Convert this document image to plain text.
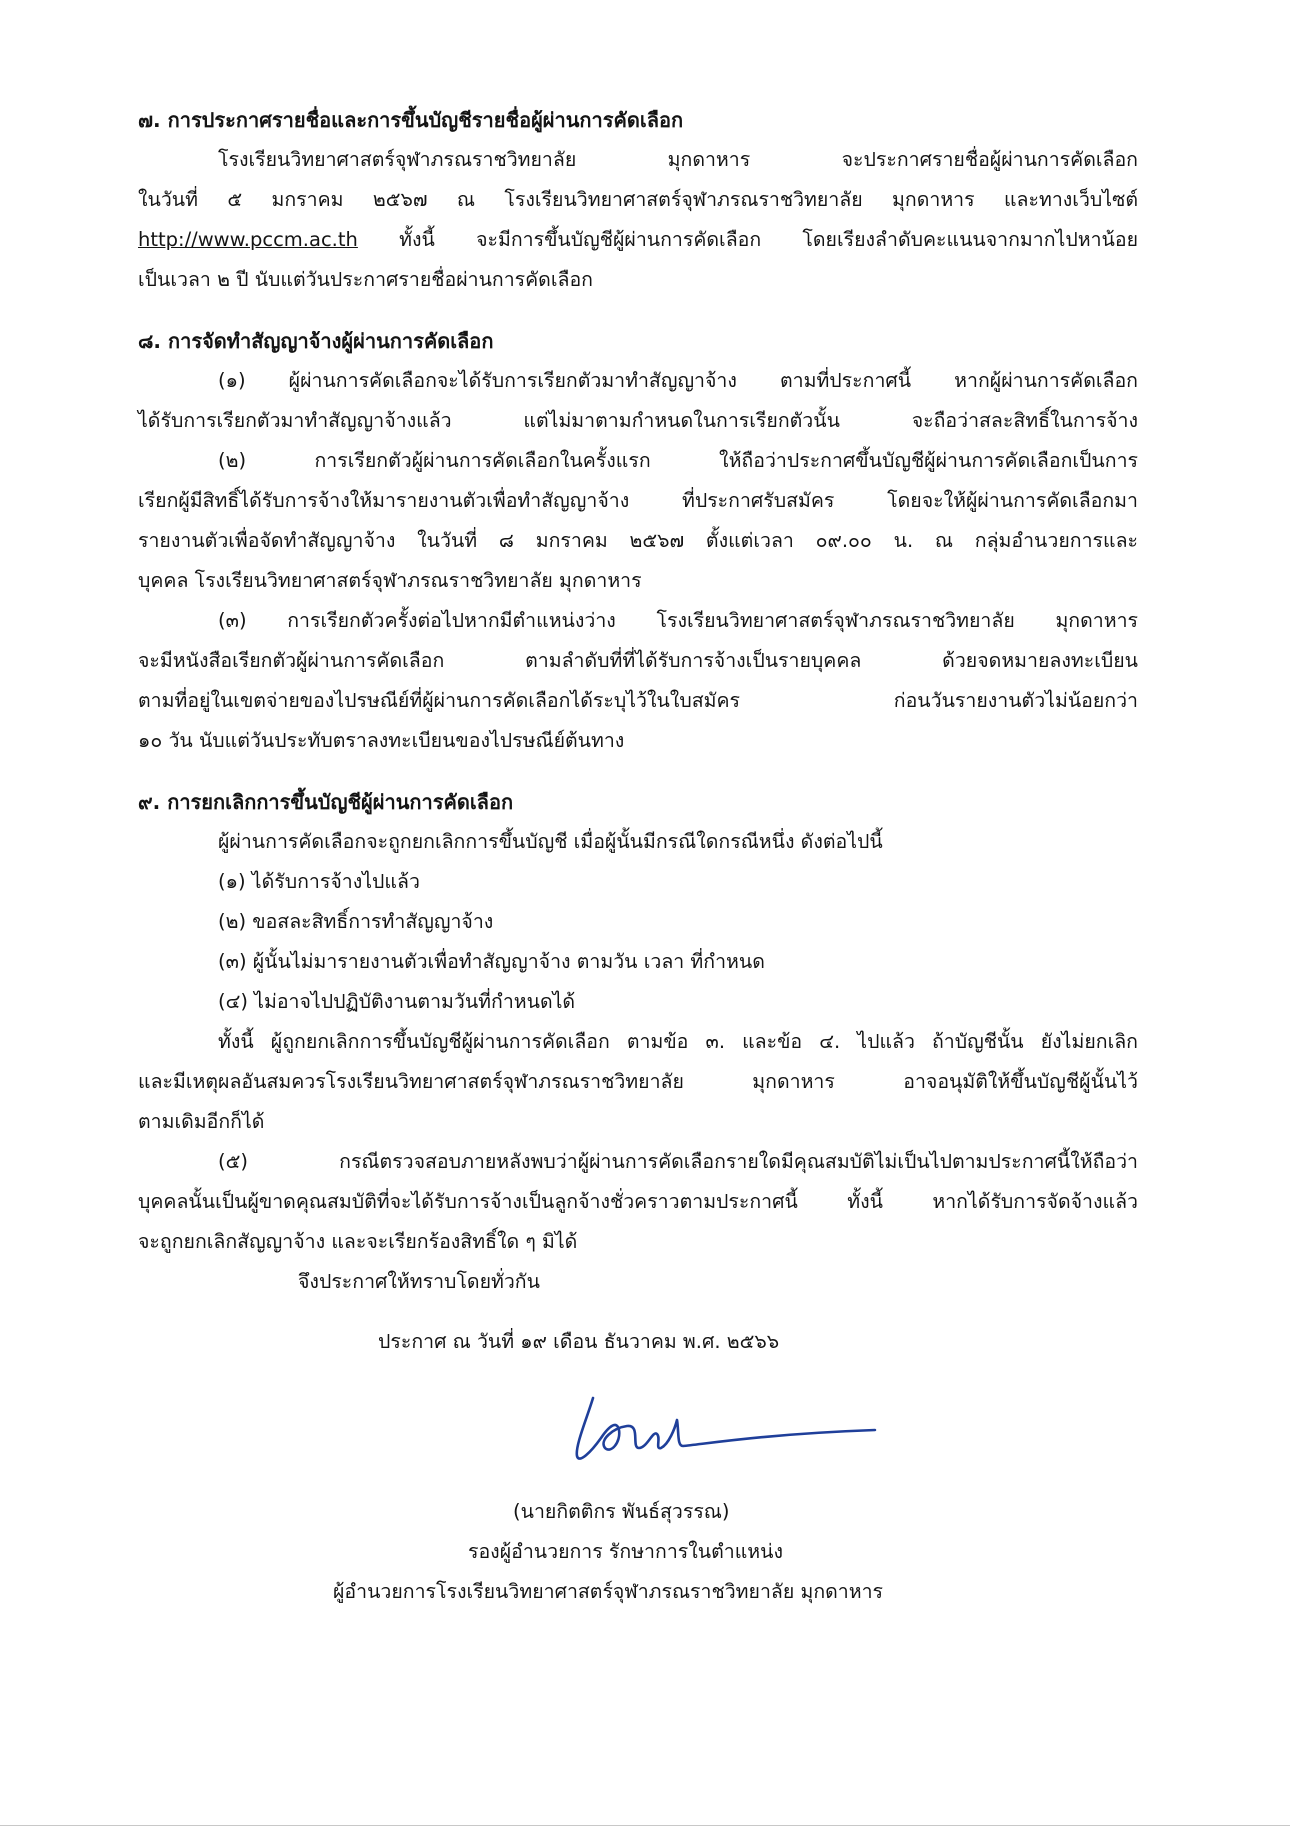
๗. การประกาศรายชื่อและการขึ้นบัญชีรายชื่อผู้ผ่านการคัดเลือก
โรงเรียนวิทยาศาสตร์จุฬาภรณราชวิทยาลัย มุกดาหาร จะประกาศรายชื่อผู้ผ่านการคัดเลือก
ในวันที่ ๕ มกราคม ๒๕๖๗ ณ โรงเรียนวิทยาศาสตร์จุฬาภรณราชวิทยาลัย มุกดาหาร และทางเว็บไซต์
http://www.pccm.ac.th ทั้งนี้ จะมีการขึ้นบัญชีผู้ผ่านการคัดเลือก โดยเรียงลำดับคะแนนจากมากไปหาน้อย
เป็นเวลา ๒ ปี นับแต่วันประกาศรายชื่อผ่านการคัดเลือก
๘. การจัดทำสัญญาจ้างผู้ผ่านการคัดเลือก
(๑) ผู้ผ่านการคัดเลือกจะได้รับการเรียกตัวมาทำสัญญาจ้าง ตามที่ประกาศนี้ หากผู้ผ่านการคัดเลือก
ได้รับการเรียกตัวมาทำสัญญาจ้างแล้ว แต่ไม่มาตามกำหนดในการเรียกตัวนั้น จะถือว่าสละสิทธิ์ในการจ้าง
(๒) การเรียกตัวผู้ผ่านการคัดเลือกในครั้งแรก ให้ถือว่าประกาศขึ้นบัญชีผู้ผ่านการคัดเลือกเป็นการ
เรียกผู้มีสิทธิ์ได้รับการจ้างให้มารายงานตัวเพื่อทำสัญญาจ้าง ที่ประกาศรับสมัคร โดยจะให้ผู้ผ่านการคัดเลือกมา
รายงานตัวเพื่อจัดทำสัญญาจ้าง ในวันที่ ๘ มกราคม ๒๕๖๗ ตั้งแต่เวลา ๐๙.๐๐ น. ณ กลุ่มอำนวยการและ
บุคคล โรงเรียนวิทยาศาสตร์จุฬาภรณราชวิทยาลัย มุกดาหาร
(๓) การเรียกตัวครั้งต่อไปหากมีตำแหน่งว่าง โรงเรียนวิทยาศาสตร์จุฬาภรณราชวิทยาลัย มุกดาหาร
จะมีหนังสือเรียกตัวผู้ผ่านการคัดเลือก ตามลำดับที่ที่ได้รับการจ้างเป็นรายบุคคล ด้วยจดหมายลงทะเบียน
ตามที่อยู่ในเขตจ่ายของไปรษณีย์ที่ผู้ผ่านการคัดเลือกได้ระบุไว้ในใบสมัคร ก่อนวันรายงานตัวไม่น้อยกว่า
๑๐ วัน นับแต่วันประทับตราลงทะเบียนของไปรษณีย์ต้นทาง
๙. การยกเลิกการขึ้นบัญชีผู้ผ่านการคัดเลือก
ผู้ผ่านการคัดเลือกจะถูกยกเลิกการขึ้นบัญชี เมื่อผู้นั้นมีกรณีใดกรณีหนึ่ง ดังต่อไปนี้
(๑) ได้รับการจ้างไปแล้ว
(๒) ขอสละสิทธิ์การทำสัญญาจ้าง
(๓) ผู้นั้นไม่มารายงานตัวเพื่อทำสัญญาจ้าง ตามวัน เวลา ที่กำหนด
(๔) ไม่อาจไปปฏิบัติงานตามวันที่กำหนดได้
ทั้งนี้ ผู้ถูกยกเลิกการขึ้นบัญชีผู้ผ่านการคัดเลือก ตามข้อ ๓. และข้อ ๔. ไปแล้ว ถ้าบัญชีนั้น ยังไม่ยกเลิก
และมีเหตุผลอันสมควรโรงเรียนวิทยาศาสตร์จุฬาภรณราชวิทยาลัย มุกดาหาร อาจอนุมัติให้ขึ้นบัญชีผู้นั้นไว้
ตามเดิมอีกก็ได้
(๕) กรณีตรวจสอบภายหลังพบว่าผู้ผ่านการคัดเลือกรายใดมีคุณสมบัติไม่เป็นไปตามประกาศนี้ให้ถือว่า
บุคคลนั้นเป็นผู้ขาดคุณสมบัติที่จะได้รับการจ้างเป็นลูกจ้างชั่วคราวตามประกาศนี้ ทั้งนี้ หากได้รับการจัดจ้างแล้ว
จะถูกยกเลิกสัญญาจ้าง และจะเรียกร้องสิทธิ์ใด ๆ มิได้
จึงประกาศให้ทราบโดยทั่วกัน
ประกาศ ณ วันที่ ๑๙ เดือน ธันวาคม พ.ศ. ๒๕๖๖
(นายกิตติกร พันธ์สุวรรณ)
รองผู้อำนวยการ รักษาการในตำแหน่ง
ผู้อำนวยการโรงเรียนวิทยาศาสตร์จุฬาภรณราชวิทยาลัย มุกดาหาร
